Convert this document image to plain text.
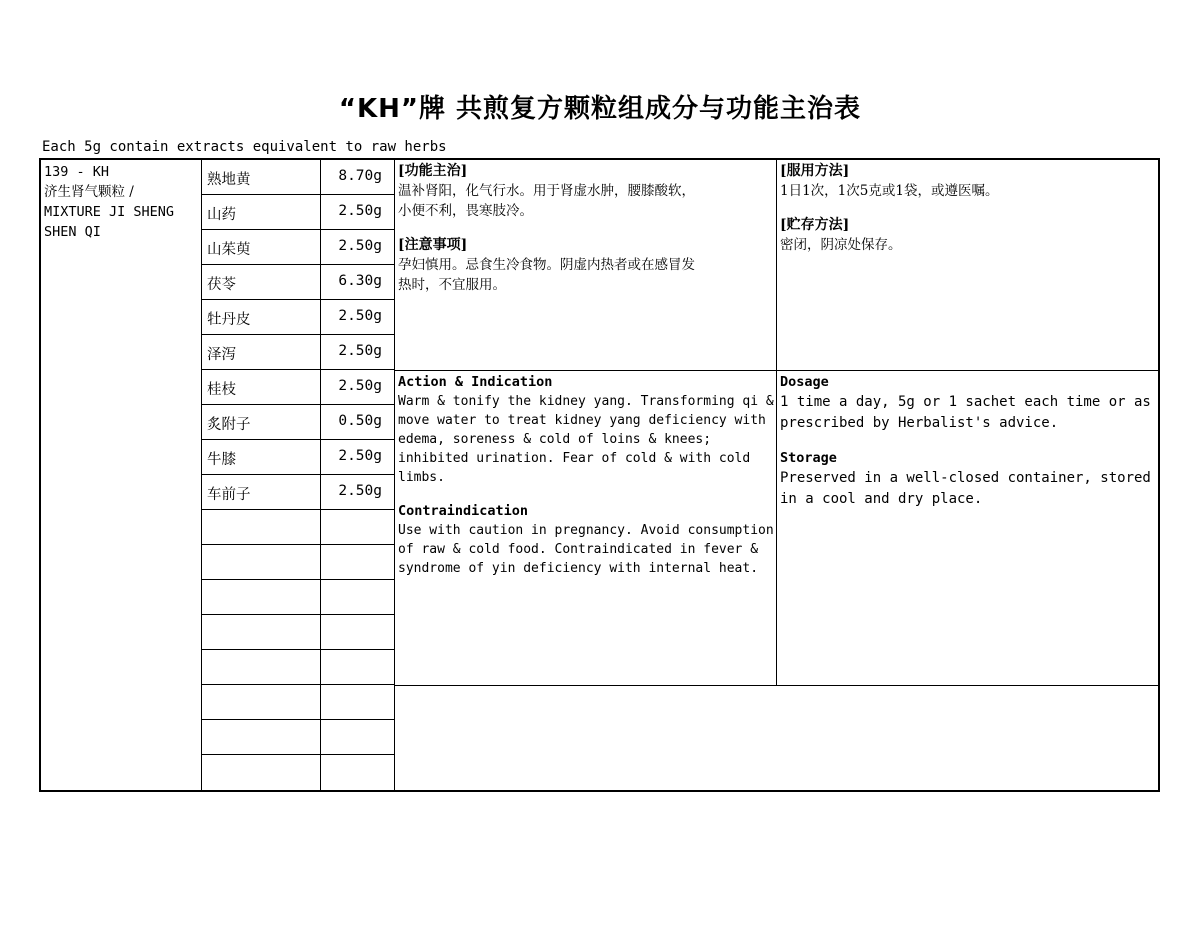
“KH”牌 共煎复方颗粒组成分与功能主治表
Each 5g contain extracts equivalent to raw herbs
139 - KH
济生肾气颗粒 /
MIXTURE JI SHENG
SHEN QI
熟地黄	8.70g
山药	2.50g
山茱萸	2.50g
茯苓	6.30g
牡丹皮	2.50g
泽泻	2.50g
桂枝	2.50g
炙附子	0.50g
牛膝	2.50g
车前子	2.50g
[功能主治]
温补肾阳，化气行水。用于肾虚水肿，腰膝酸软，
小便不利，畏寒肢冷。
[注意事项]
孕妇慎用。忌食生冷食物。阴虚内热者或在感冒发
热时，不宜服用。
[服用方法]
1日1次，1次5克或1袋，或遵医嘱。
[贮存方法]
密闭，阴凉处保存。
Action & Indication
Warm & tonify the kidney yang. Transforming qi &
move water to treat kidney yang deficiency with
edema, soreness & cold of loins & knees;
inhibited urination. Fear of cold & with cold
limbs.
Contraindication
Use with caution in pregnancy. Avoid consumption
of raw & cold food. Contraindicated in fever &
syndrome of yin deficiency with internal heat.
Dosage
1 time a day, 5g or 1 sachet each time or as
prescribed by Herbalist's advice.
Storage
Preserved in a well-closed container, stored
in a cool and dry place.
